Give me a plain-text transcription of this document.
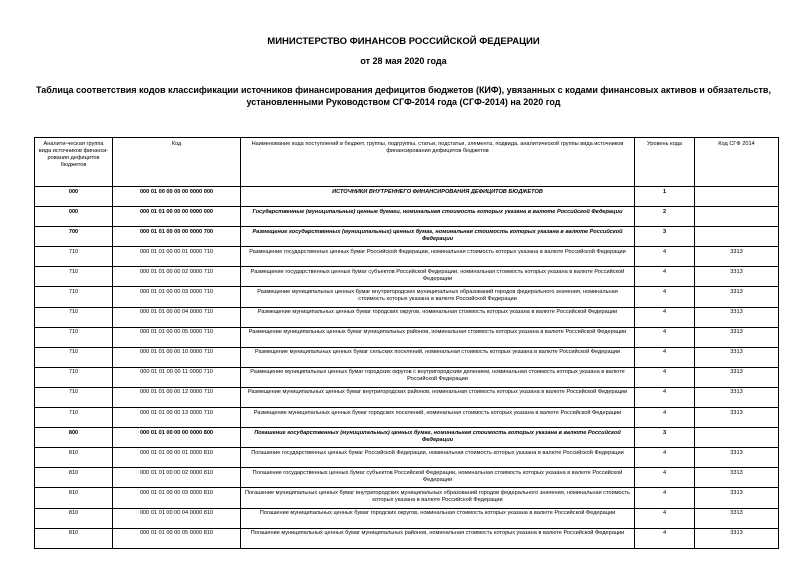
МИНИСТЕРСТВО ФИНАНСОВ РОССИЙСКОЙ ФЕДЕРАЦИИ
от 28 мая 2020 года
Таблица соответствия кодов классификации источников финансирования дефицитов бюджетов (КИФ), увязанных с кодами финансовых активов и обязательств,
установленными Руководством СГФ-2014 года (СГФ-2014) на 2020 год
Аналити-ческая группа вида источников финанси-рования дефицитов бюджетов	Код	Наименование кода поступлений в бюджет, группы, подгруппы, статьи, подстатьи, элемента, подвида, аналитической группы вида источников финансирования дефицитов бюджетов	Уровень кода	Код СГФ 2014
000	000 01 00 00 00 00 0000 000	ИСТОЧНИКИ ВНУТРЕННЕГО ФИНАНСИРОВАНИЯ ДЕФИЦИТОВ БЮДЖЕТОВ	1	
000	000 01 01 00 00 00 0000 000	Государственные (муниципальные) ценные бумаги, номинальная стоимость которых указана в валюте Российской Федерации	2	
700	000 01 01 00 00 00 0000 700	Размещение государственных (муниципальных) ценных бумаг, номинальная стоимость которых указана в валюте Российской Федерации	3	
710	000 01 01 00 00 01 0000 710	Размещение государственных ценных бумаг Российской Федерации, номинальная стоимость которых указана в валюте Российской Федерации	4	3313
710	000 01 01 00 00 02 0000 710	Размещение государственных ценных бумаг субъектов Российской Федерации, номинальная стоимость которых указана в валюте Российской Федерации	4	3313
710	000 01 01 00 00 03 0000 710	Размещение муниципальных ценных бумаг внутригородских муниципальных образований городов федерального значения, номинальная стоимость которых указана в валюте Российской Федерации	4	3313
710	000 01 01 00 00 04 0000 710	Размещение муниципальных ценных бумаг городских округов, номинальная стоимость которых указана в валюте Российской Федерации	4	3313
710	000 01 01 00 00 05 0000 710	Размещение муниципальных ценных бумаг муниципальных районов, номинальная стоимость которых указана в валюте Российской Федерации	4	3313
710	000 01 01 00 00 10 0000 710	Размещение муниципальных ценных бумаг сельских поселений, номинальная стоимость которых указана в валюте Российской Федерации	4	3313
710	000 01 01 00 00 11 0000 710	Размещение муниципальных ценных бумаг городских округов с внутригородским делением, номинальная стоимость которых указана в валюте Российской Федерации	4	3313
710	000 01 01 00 00 12 0000 710	Размещение муниципальных ценных бумаг внутригородских районов, номинальная стоимость которых указана в валюте Российской Федерации	4	3313
710	000 01 01 00 00 13 0000 710	Размещение муниципальных ценных бумаг городских поселений, номинальная стоимость которых указана в валюте Российской Федерации	4	3313
800	000 01 01 00 00 00 0000 800	Погашение государственных (муниципальных) ценных бумаг, номинальная стоимость которых указана в валюте Российской Федерации	3	
810	000 01 01 00 00 01 0000 810	Погашение государственных ценных бумаг Российской Федерации, номинальная стоимость которых указана в валюте Российской Федерации	4	3313
810	000 01 01 00 00 02 0000 810	Погашение государственных ценных бумаг субъектов Российской Федерации, номинальная стоимость которых указана в валюте Российской Федерации	4	3313
810	000 01 01 00 00 03 0000 810	Погашение муниципальных ценных бумаг внутригородских муниципальных образований городов федерального значения, номинальная стоимость которых указана в валюте Российской Федерации	4	3313
810	000 01 01 00 00 04 0000 810	Погашение муниципальных ценных бумаг городских округов, номинальная стоимость которых указана в валюте Российской Федерации	4	3313
810	000 01 01 00 00 05 0000 810	Погашение муниципальных ценных бумаг муниципальных районов, номинальная стоимость которых указана в валюте Российской Федерации	4	3313
